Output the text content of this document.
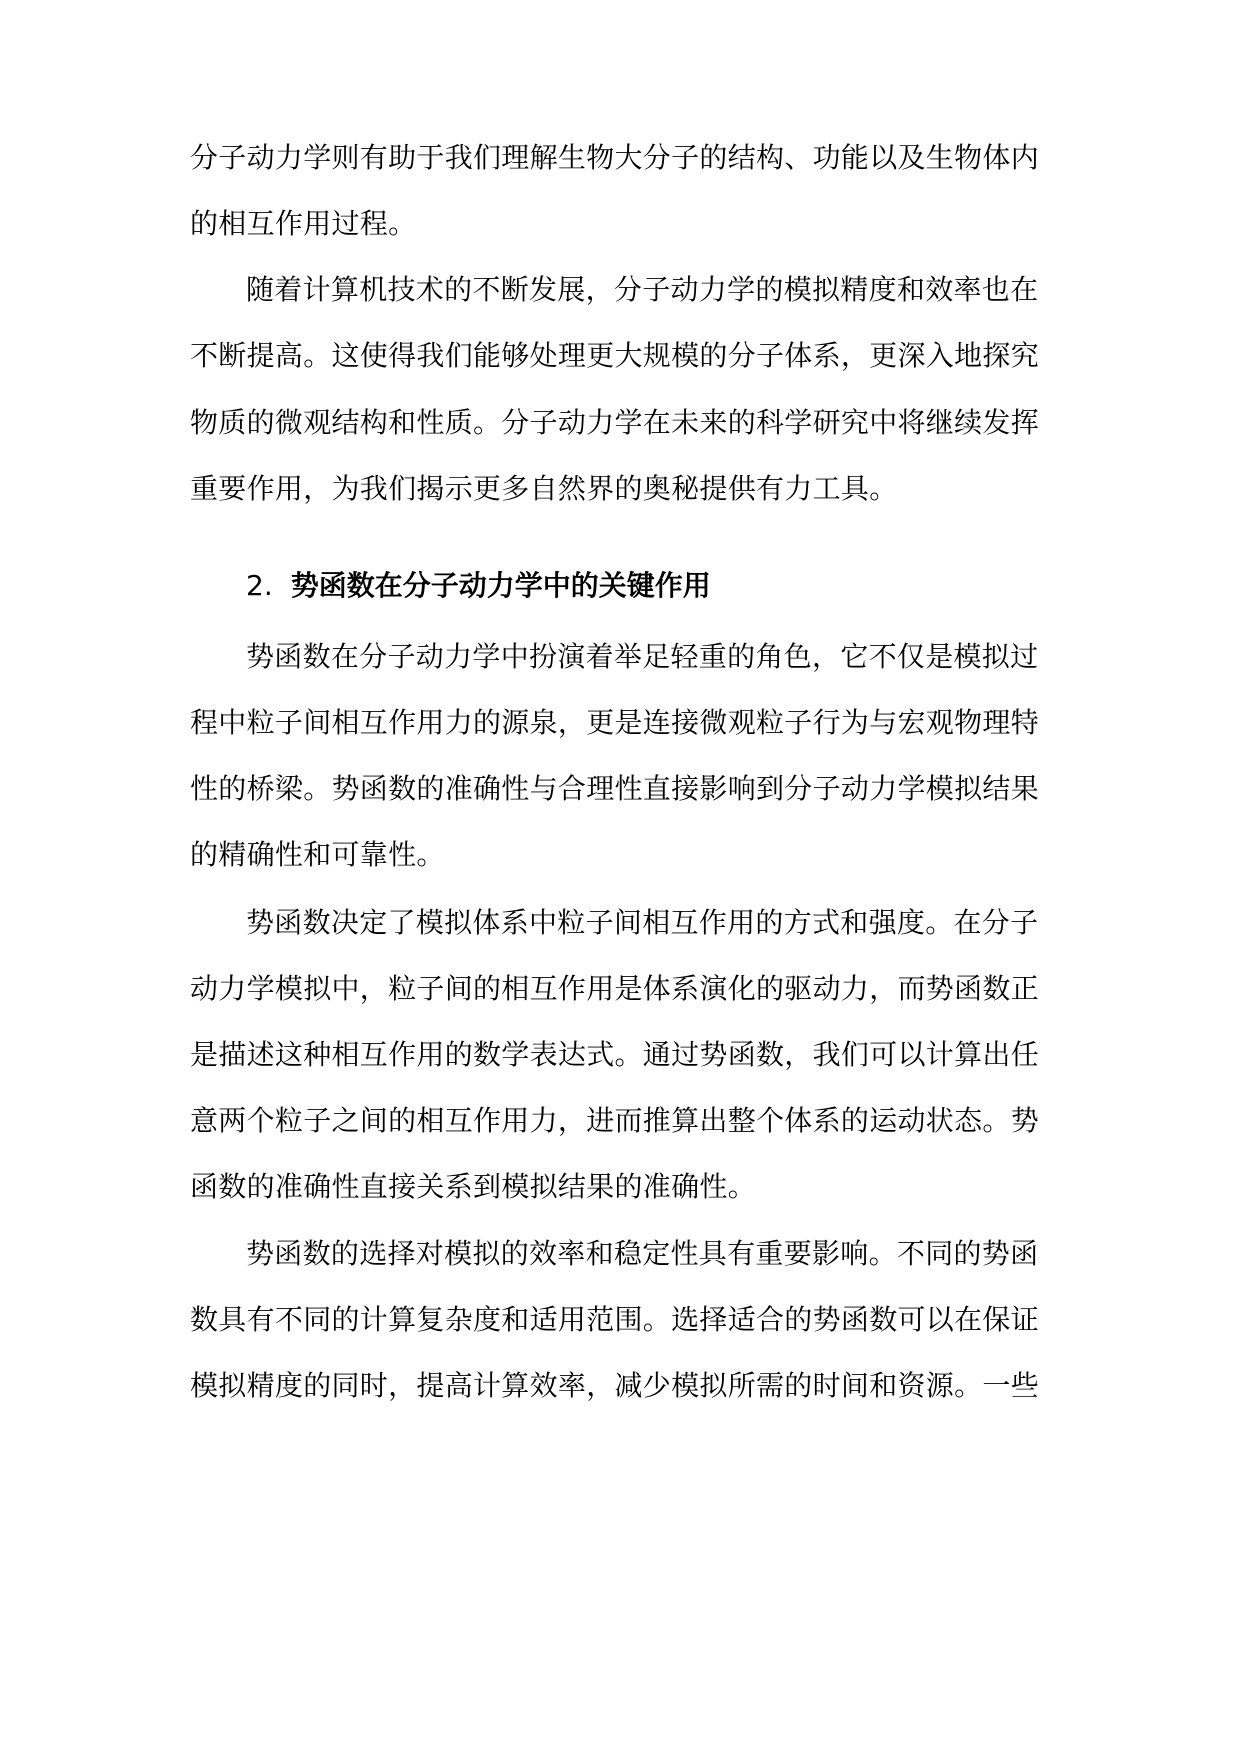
分子动力学则有助于我们理解生物大分子的结构、功能以及生物体内
的相互作用过程。
随着计算机技术的不断发展，分子动力学的模拟精度和效率也在
不断提高。这使得我们能够处理更大规模的分子体系，更深入地探究
物质的微观结构和性质。分子动力学在未来的科学研究中将继续发挥
重要作用，为我们揭示更多自然界的奥秘提供有力工具。
2. 势函数在分子动力学中的关键作用
势函数在分子动力学中扮演着举足轻重的角色，它不仅是模拟过
程中粒子间相互作用力的源泉，更是连接微观粒子行为与宏观物理特
性的桥梁。势函数的准确性与合理性直接影响到分子动力学模拟结果
的精确性和可靠性。
势函数决定了模拟体系中粒子间相互作用的方式和强度。在分子
动力学模拟中，粒子间的相互作用是体系演化的驱动力，而势函数正
是描述这种相互作用的数学表达式。通过势函数，我们可以计算出任
意两个粒子之间的相互作用力，进而推算出整个体系的运动状态。势
函数的准确性直接关系到模拟结果的准确性。
势函数的选择对模拟的效率和稳定性具有重要影响。不同的势函
数具有不同的计算复杂度和适用范围。选择适合的势函数可以在保证
模拟精度的同时，提高计算效率，减少模拟所需的时间和资源。一些
